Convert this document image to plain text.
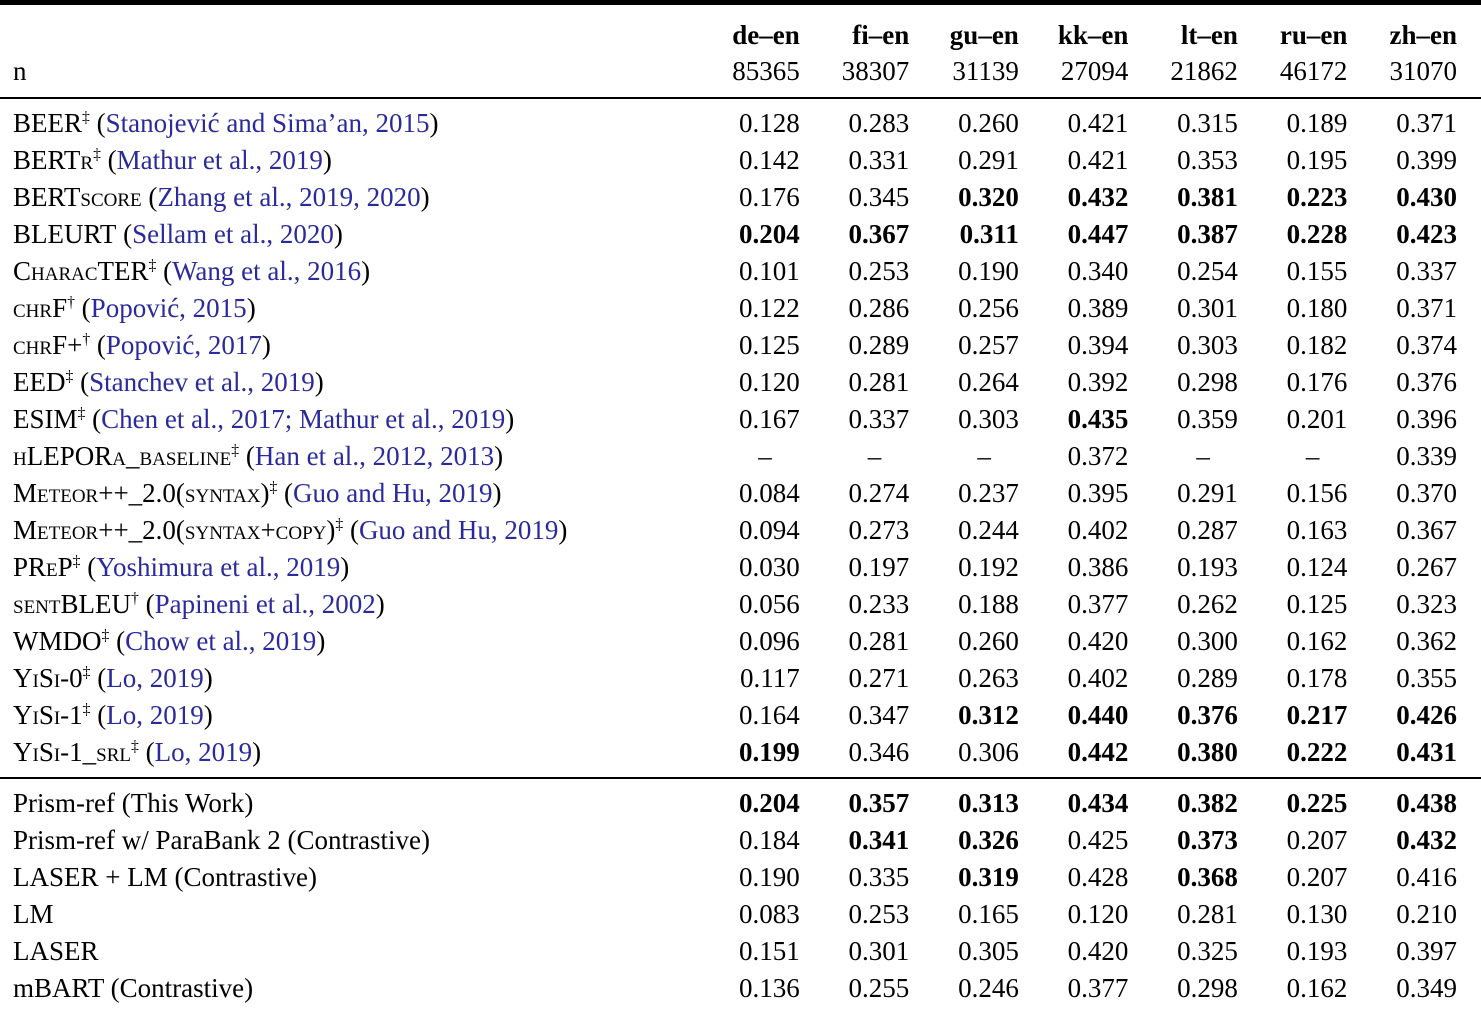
	de–en	fi–en	gu–en	kk–en	lt–en	ru–en	zh–en
n	85365	38307	31139	27094	21862	46172	31070
BEER‡ (Stanojević and Sima’an, 2015)	0.128	0.283	0.260	0.421	0.315	0.189	0.371
BERTr‡ (Mathur et al., 2019)	0.142	0.331	0.291	0.421	0.353	0.195	0.399
BERTscore (Zhang et al., 2019, 2020)	0.176	0.345	0.320	0.432	0.381	0.223	0.430
BLEURT (Sellam et al., 2020)	0.204	0.367	0.311	0.447	0.387	0.228	0.423
CharacTER‡ (Wang et al., 2016)	0.101	0.253	0.190	0.340	0.254	0.155	0.337
chrF† (Popović, 2015)	0.122	0.286	0.256	0.389	0.301	0.180	0.371
chrF+† (Popović, 2017)	0.125	0.289	0.257	0.394	0.303	0.182	0.374
EED‡ (Stanchev et al., 2019)	0.120	0.281	0.264	0.392	0.298	0.176	0.376
ESIM‡ (Chen et al., 2017; Mathur et al., 2019)	0.167	0.337	0.303	0.435	0.359	0.201	0.396
hLEPORa_baseline‡ (Han et al., 2012, 2013)	–	–	–	0.372	–	–	0.339
Meteor++_2.0(syntax)‡ (Guo and Hu, 2019)	0.084	0.274	0.237	0.395	0.291	0.156	0.370
Meteor++_2.0(syntax+copy)‡ (Guo and Hu, 2019)	0.094	0.273	0.244	0.402	0.287	0.163	0.367
PReP‡ (Yoshimura et al., 2019)	0.030	0.197	0.192	0.386	0.193	0.124	0.267
sentBLEU† (Papineni et al., 2002)	0.056	0.233	0.188	0.377	0.262	0.125	0.323
WMDO‡ (Chow et al., 2019)	0.096	0.281	0.260	0.420	0.300	0.162	0.362
YiSi-0‡ (Lo, 2019)	0.117	0.271	0.263	0.402	0.289	0.178	0.355
YiSi-1‡ (Lo, 2019)	0.164	0.347	0.312	0.440	0.376	0.217	0.426
YiSi-1_srl‡ (Lo, 2019)	0.199	0.346	0.306	0.442	0.380	0.222	0.431
Prism-ref (This Work)	0.204	0.357	0.313	0.434	0.382	0.225	0.438
Prism-ref w/ ParaBank 2 (Contrastive)	0.184	0.341	0.326	0.425	0.373	0.207	0.432
LASER + LM (Contrastive)	0.190	0.335	0.319	0.428	0.368	0.207	0.416
LM	0.083	0.253	0.165	0.120	0.281	0.130	0.210
LASER	0.151	0.301	0.305	0.420	0.325	0.193	0.397
mBART (Contrastive)	0.136	0.255	0.246	0.377	0.298	0.162	0.349
